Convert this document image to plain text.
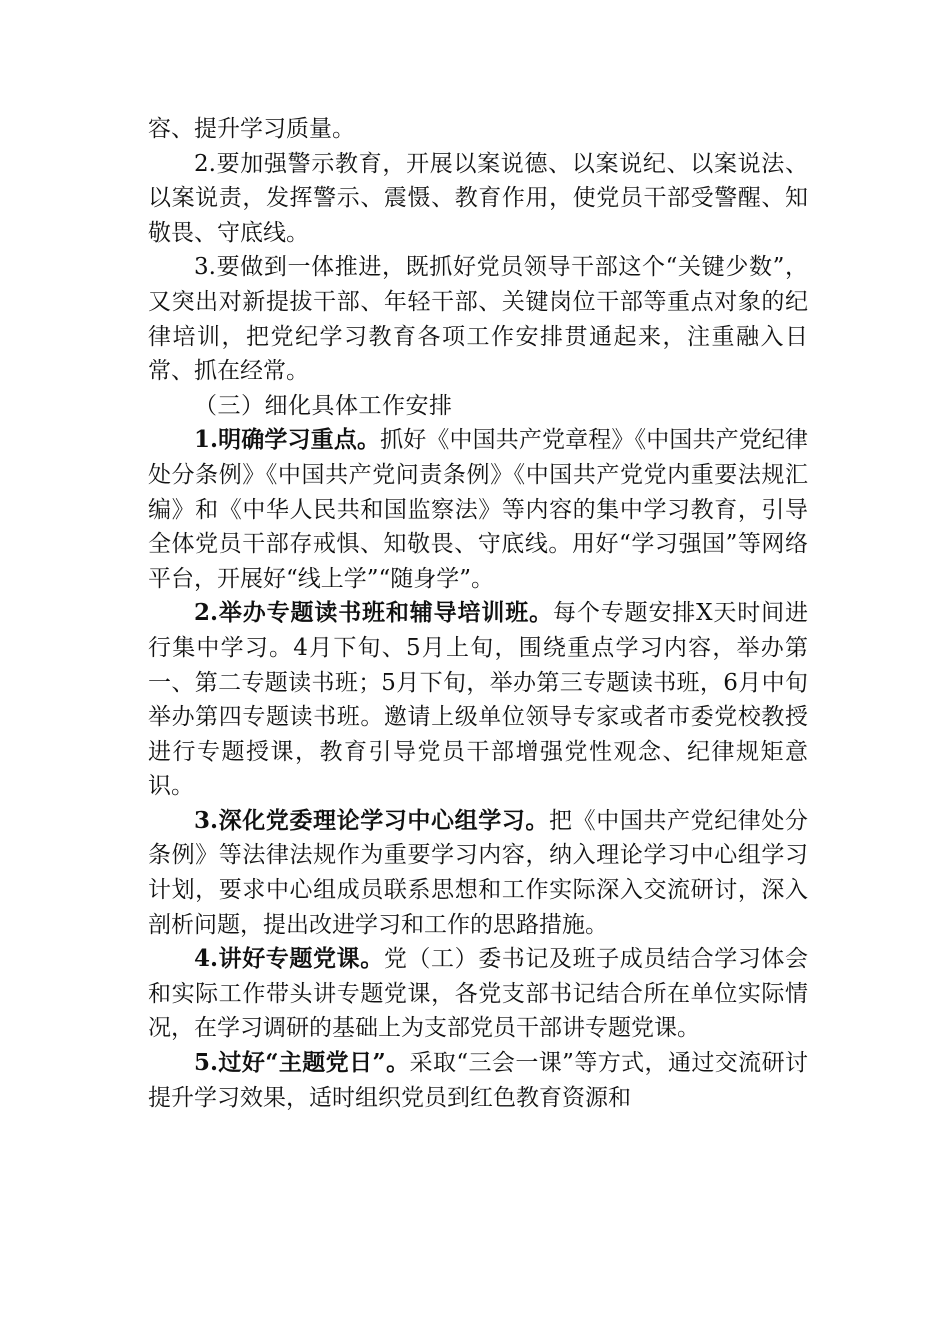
容、提升学习质量。

2.要加强警示教育，开展以案说德、以案说纪、以案说法、以案说责，发挥警示、震慑、教育作用，使党员干部受警醒、知敬畏、守底线。

3.要做到一体推进，既抓好党员领导干部这个“关键少数”，又突出对新提拔干部、年轻干部、关键岗位干部等重点对象的纪律培训，把党纪学习教育各项工作安排贯通起来，注重融入日常、抓在经常。

（三）细化具体工作安排

1.明确学习重点。抓好《中国共产党章程》《中国共产党纪律处分条例》《中国共产党问责条例》《中国共产党党内重要法规汇编》和《中华人民共和国监察法》等内容的集中学习教育，引导全体党员干部存戒惧、知敬畏、守底线。用好“学习强国”等网络平台，开展好“线上学”“随身学”。

2.举办专题读书班和辅导培训班。每个专题安排X天时间进行集中学习。4月下旬、5月上旬，围绕重点学习内容，举办第一、第二专题读书班；5月下旬，举办第三专题读书班，6月中旬举办第四专题读书班。邀请上级单位领导专家或者市委党校教授进行专题授课，教育引导党员干部增强党性观念、纪律规矩意识。

3.深化党委理论学习中心组学习。把《中国共产党纪律处分条例》等法律法规作为重要学习内容，纳入理论学习中心组学习计划，要求中心组成员联系思想和工作实际深入交流研讨，深入剖析问题，提出改进学习和工作的思路措施。

4.讲好专题党课。党（工）委书记及班子成员结合学习体会和实际工作带头讲专题党课，各党支部书记结合所在单位实际情况，在学习调研的基础上为支部党员干部讲专题党课。

5.过好“主题党日”。采取“三会一课”等方式，通过交流研讨提升学习效果，适时组织党员到红色教育资源和
